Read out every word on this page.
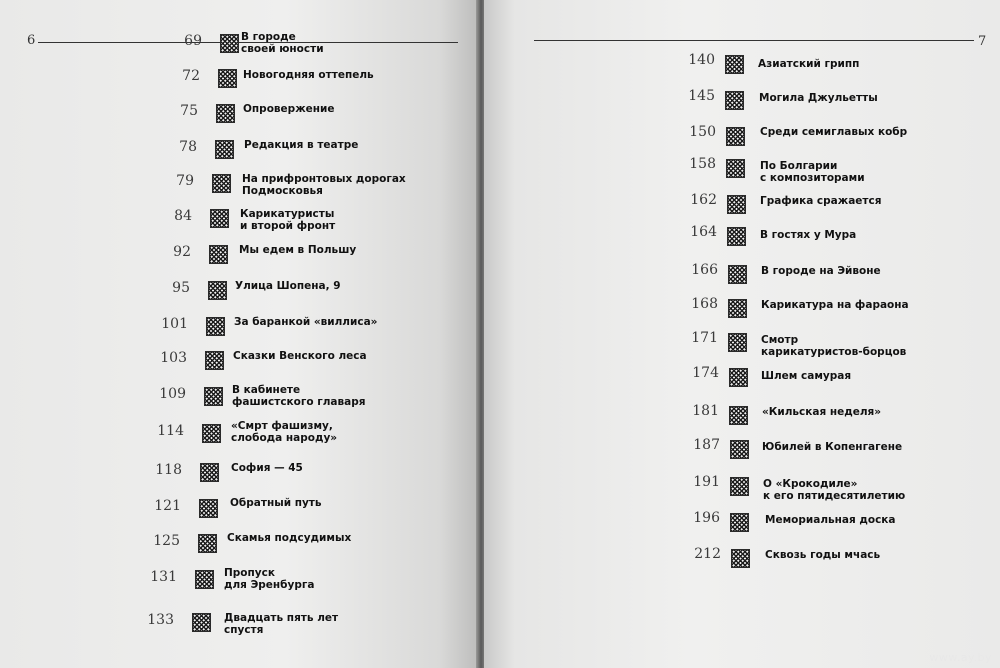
6	69	В городе
своей юности
72	Новогодняя оттепель
75	Опровержение
78	Редакция в театре
79	На прифронтовых дорогах
Подмосковья
84	Карикатуристы
и второй фронт
92	Мы едем в Польшу
95	Улица Шопена, 9
101	За баранкой «виллиса»
103	Сказки Венского леса
109	В кабинете
фашистского главаря
114	«Смрт фашизму,
слобода народу»
118	София — 45
121	Обратный путь
125	Скамья подсудимых
131	Пропуск
для Эренбурга
133	Двадцать пять лет
спустя
7
140	Азиатский грипп
145	Могила Джульетты
150	Среди семиглавых кобр
158	По Болгарии
с композиторами
162	Графика сражается
164	В гостях у Мура
166	В городе на Эйвоне
168	Карикатура на фараона
171	Смотр
карикатуристов-борцов
174	Шлем самурая
181	«Кильская неделя»
187	Юбилей в Копенгагене
191	О «Крокодиле»
к его пятидесятилетию
196	Мемориальная доска
212	Сквозь годы мчась
www.ay.by
